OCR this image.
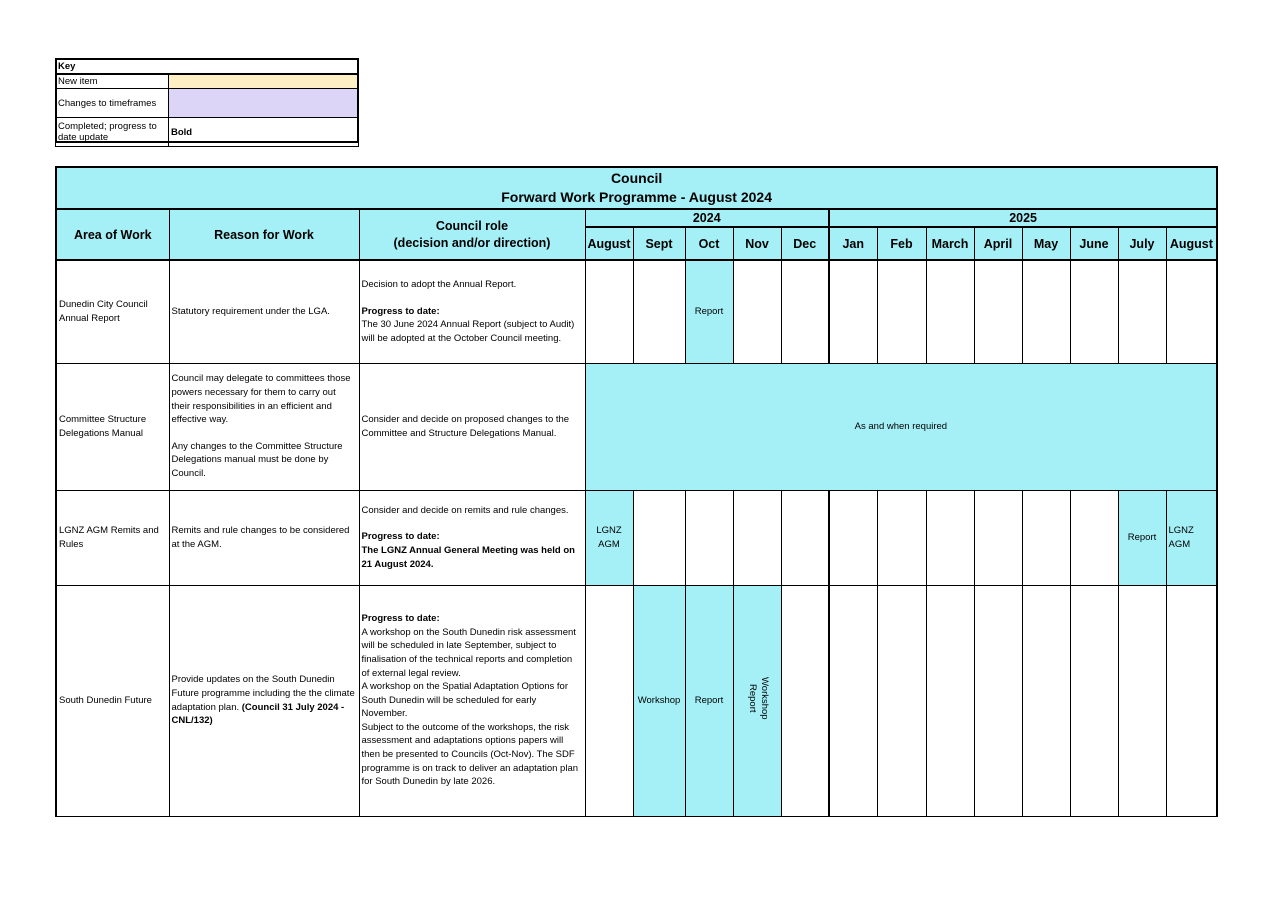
Key	
New item	
Changes to timeframes	
Completed; progress to date update	Bold
Council
Forward Work Programme - August 2024															

Area of Work	Reason for Work	Council role
(decision and/or direction)	2024					2025							
			August	Sept	Oct	Nov	Dec	Jan	Feb	March	April	May	June	July	August
Dunedin City Council Annual Report	Statutory requirement under the LGA.	Decision to adopt the Annual Report.
Progress to date:
The 30 June 2024 Annual Report (subject to Audit) will be adopted at the October Council meeting.			Report										
Committee Structure Delegations Manual	Council may delegate to committees those powers necessary for them to carry out their responsibilities in an efficient and effective way.
Any changes to the Committee Structure Delegations manual must be done by Council.	Consider and decide on proposed changes to the Committee and Structure Delegations Manual.	As and when required												
LGNZ AGM Remits and Rules	Remits and rule changes to be considered at the AGM.	Consider and decide on remits and rule changes.
Progress to date:
The LGNZ Annual General Meeting was held on 21 August 2024.	LGNZ AGM											Report	LGNZ AGM
South Dunedin Future	Provide updates on the South Dunedin Future programme including the the climate adaptation plan. (Council 31 July 2024 - CNL/132)	Progress to date:
A workshop on the South Dunedin risk assessment will be scheduled in late September, subject to finalisation of the technical reports and completion of external legal review.
A workshop on the Spatial Adaptation Options for South Dunedin will be scheduled for early November.
Subject to the outcome of the workshops, the risk assessment and adaptations options papers will then be presented to Councils (Oct-Nov). The SDF programme is on track to deliver an adaptation plan for South Dunedin by late 2026.		Workshop	Report	Workshop Report									
